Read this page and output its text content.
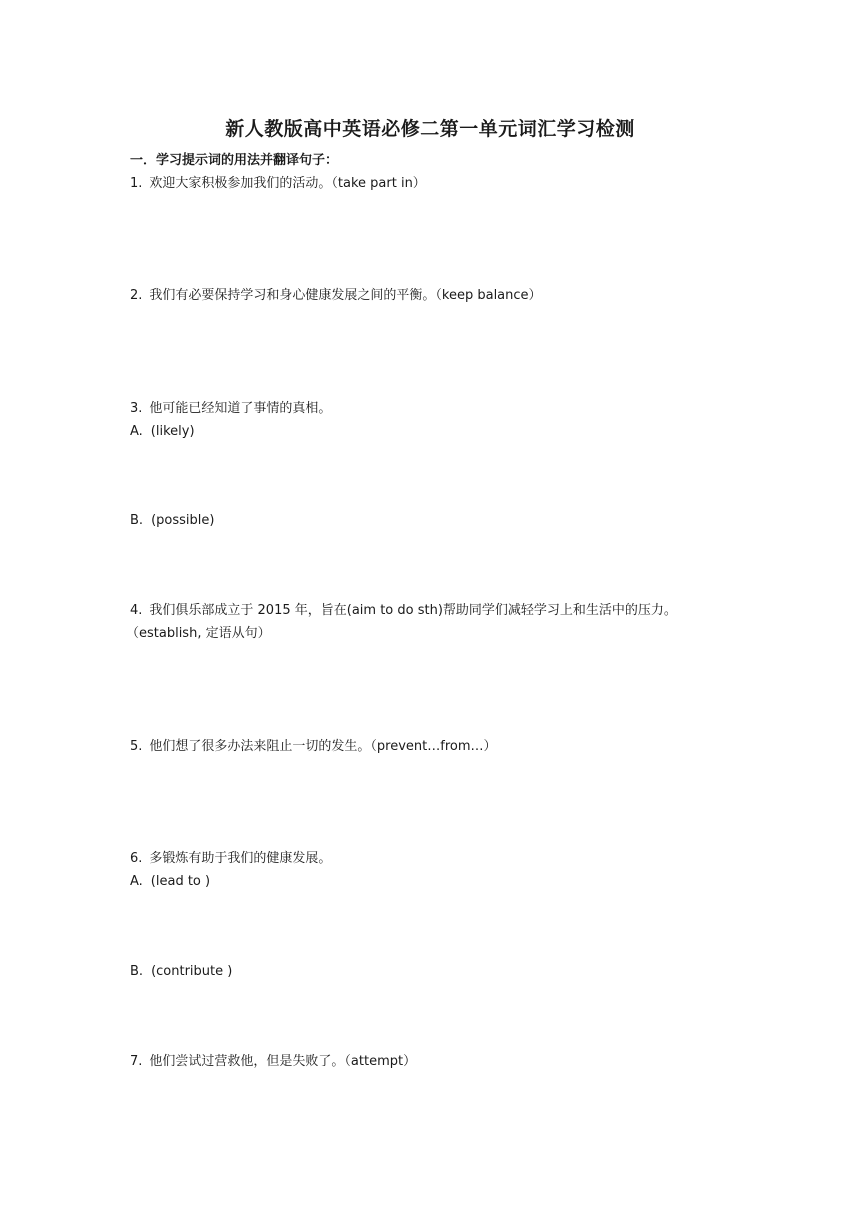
新人教版高中英语必修二第一单元词汇学习检测
一．学习提示词的用法并翻译句子：
1. 欢迎大家积极参加我们的活动。（take part in）
2. 我们有必要保持学习和身心健康发展之间的平衡。（keep balance）
3. 他可能已经知道了事情的真相。
A. (likely)
B. (possible)
4. 我们俱乐部成立于 2015 年，旨在(aim to do sth)帮助同学们减轻学习上和生活中的压力。
（establish, 定语从句）
5. 他们想了很多办法来阻止一切的发生。（prevent…from…）
6. 多锻炼有助于我们的健康发展。
A. (lead to )
B. (contribute )
7. 他们尝试过营救他，但是失败了。（attempt）
